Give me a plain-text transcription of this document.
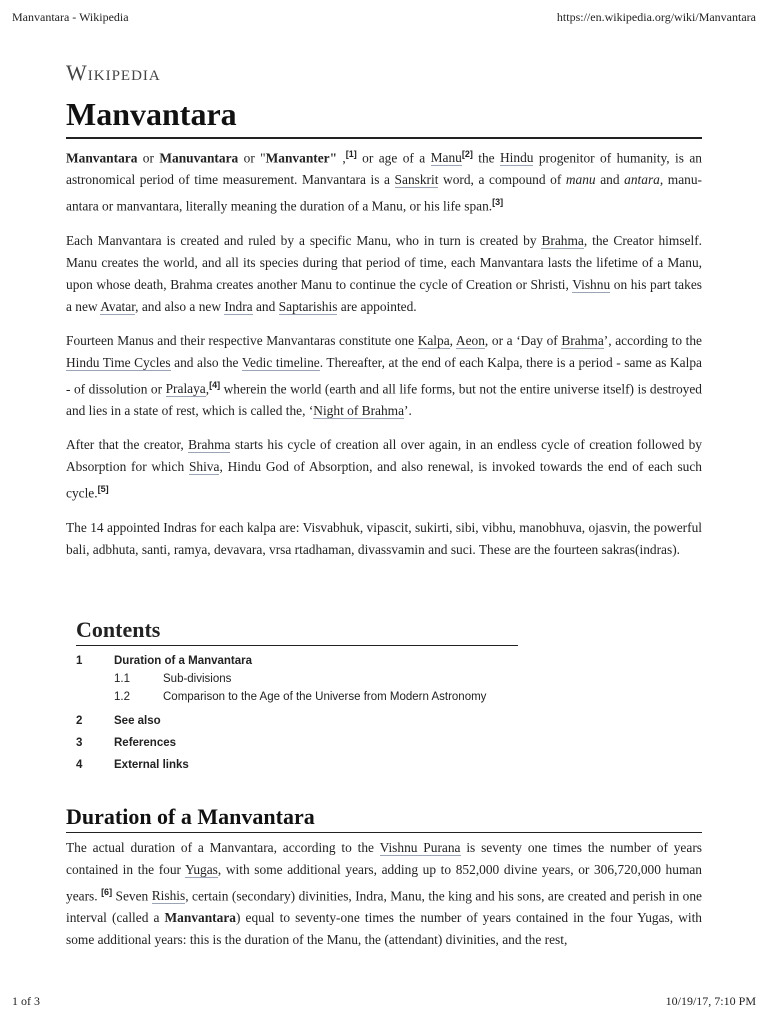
Manvantara - Wikipedia	https://en.wikipedia.org/wiki/Manvantara
Wikipedia
Manvantara

Manvantara or Manuvantara or "Manvanter" ,[1] or age of a Manu[2] the Hindu progenitor of humanity, is an astronomical period of time measurement. Manvantara is a Sanskrit word, a compound of manu and antara, manu-antara or manvantara, literally meaning the duration of a Manu, or his life span.[3]

Each Manvantara is created and ruled by a specific Manu, who in turn is created by Brahma, the Creator himself. Manu creates the world, and all its species during that period of time, each Manvantara lasts the lifetime of a Manu, upon whose death, Brahma creates another Manu to continue the cycle of Creation or Shristi, Vishnu on his part takes a new Avatar, and also a new Indra and Saptarishis are appointed.

Fourteen Manus and their respective Manvantaras constitute one Kalpa, Aeon, or a ‘Day of Brahma’, according to the Hindu Time Cycles and also the Vedic timeline. Thereafter, at the end of each Kalpa, there is a period - same as Kalpa - of dissolution or Pralaya,[4] wherein the world (earth and all life forms, but not the entire universe itself) is destroyed and lies in a state of rest, which is called the, ‘Night of Brahma’.

After that the creator, Brahma starts his cycle of creation all over again, in an endless cycle of creation followed by Absorption for which Shiva, Hindu God of Absorption, and also renewal, is invoked towards the end of each such cycle.[5]

The 14 appointed Indras for each kalpa are: Visvabhuk, vipascit, sukirti, sibi, vibhu, manobhuva, ojasvin, the powerful bali, adbhuta, santi, ramya, devavara, vrsa rtadhaman, divassvamin and suci. These are the fourteen sakras(indras).

Contents
1	Duration of a Manvantara
1.1	Sub-divisions
1.2	Comparison to the Age of the Universe from Modern Astronomy
2	See also
3	References
4	External links
Duration of a Manvantara

The actual duration of a Manvantara, according to the Vishnu Purana is seventy one times the number of years contained in the four Yugas, with some additional years, adding up to 852,000 divine years, or 306,720,000 human years. [6] Seven Rishis, certain (secondary) divinities, Indra, Manu, the king and his sons, are created and perish in one interval (called a Manvantara) equal to seventy-one times the number of years contained in the four Yugas, with some additional years: this is the duration of the Manu, the (attendant) divinities, and the rest,

1 of 3	10/19/17, 7:10 PM
